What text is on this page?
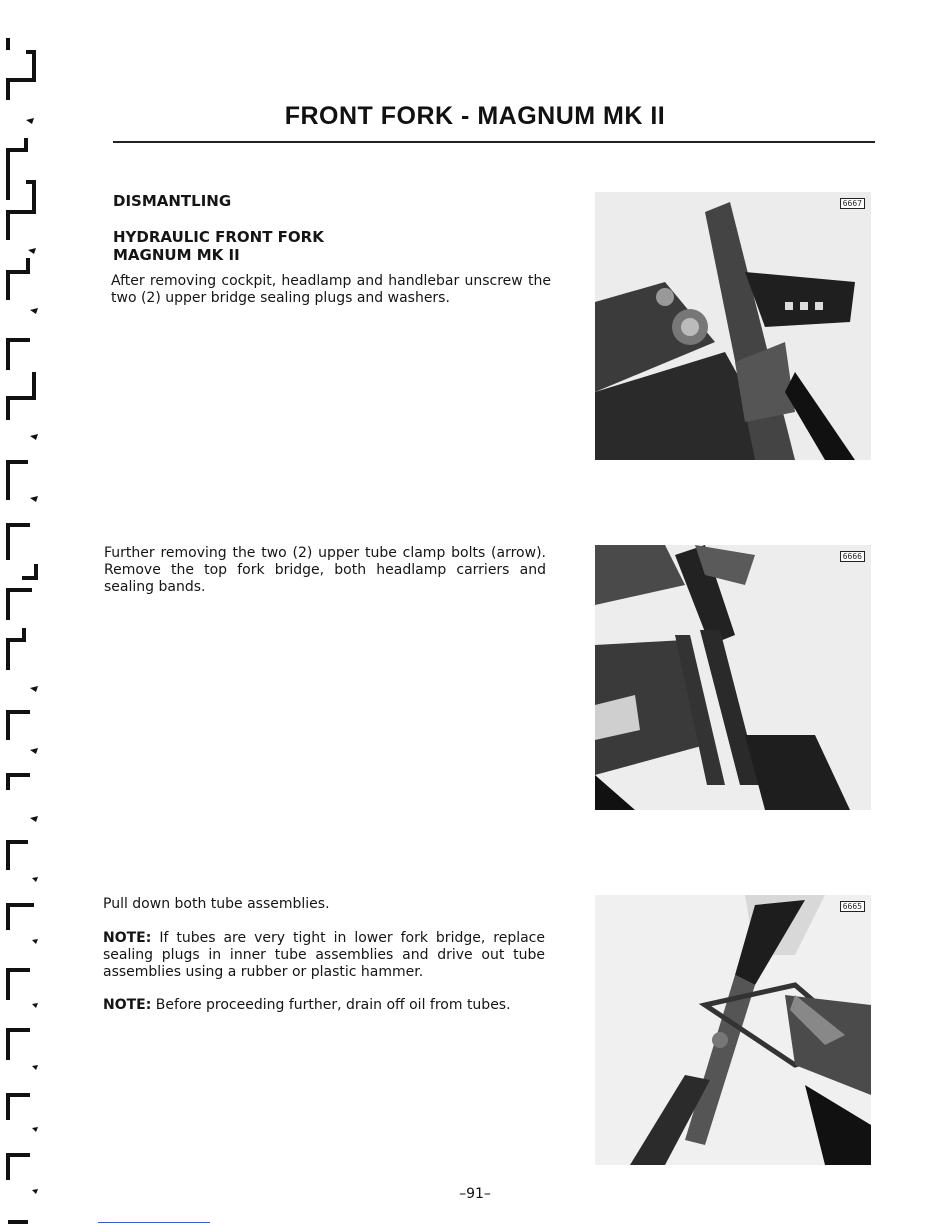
FRONT FORK - MAGNUM MK II

DISMANTLING

HYDRAULIC FRONT FORK

MAGNUM MK II

After removing cockpit, headlamp and handlebar unscrew the two (2) upper bridge sealing plugs and washers.

6667

Further removing the two (2) upper tube clamp bolts (arrow). Remove the top fork bridge, both headlamp carriers and sealing bands.

6666

Pull down both tube assemblies.

NOTE: If tubes are very tight in lower fork bridge, replace sealing plugs in inner tube assemblies and drive out tube assemblies using a rubber or plastic hammer.

NOTE: Before proceeding further, drain off oil from tubes.

6665
–91–
